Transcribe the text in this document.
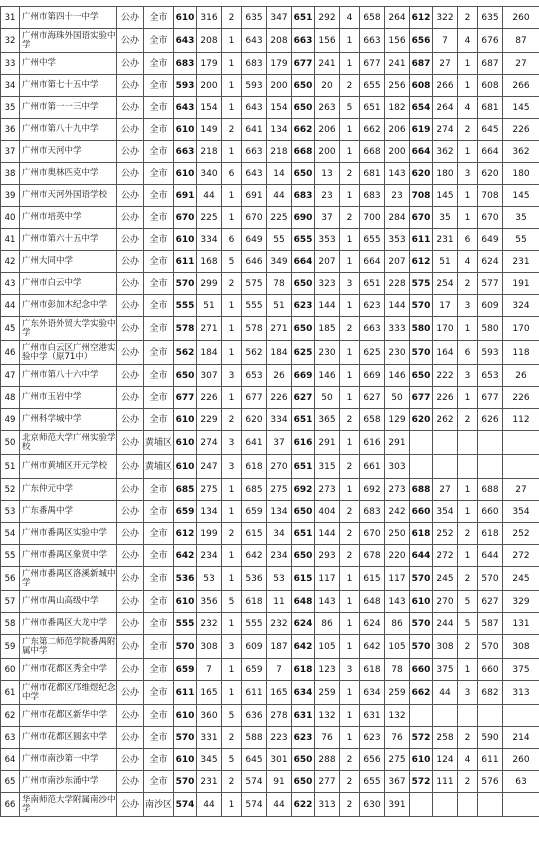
31	广州市第四十一中学	公办	全市	610	316	2	635	347	651	292	4	658	264	612	322	2	635	260
32	广州市海珠外国语实验中学	公办	全市	643	208	1	643	208	663	156	1	663	156	656	7	4	676	87
33	广州中学	公办	全市	683	179	1	683	179	677	241	1	677	241	687	27	1	687	27
34	广州市第七十五中学	公办	全市	593	200	1	593	200	650	20	2	655	256	608	266	1	608	266
35	广州市第一一三中学	公办	全市	643	154	1	643	154	650	263	5	651	182	654	264	4	681	145
36	广州市第八十九中学	公办	全市	610	149	2	641	134	662	206	1	662	206	619	274	2	645	226
37	广州市天河中学	公办	全市	663	218	1	663	218	668	200	1	668	200	664	362	1	664	362
38	广州市奥林匹克中学	公办	全市	610	340	6	643	14	650	13	2	681	143	620	180	3	620	180
39	广州市天河外国语学校	公办	全市	691	44	1	691	44	683	23	1	683	23	708	145	1	708	145
40	广州市培英中学	公办	全市	670	225	1	670	225	690	37	2	700	284	670	35	1	670	35
41	广州市第六十五中学	公办	全市	610	334	6	649	55	655	353	1	655	353	611	231	6	649	55
42	广州大同中学	公办	全市	611	168	5	646	349	664	207	1	664	207	612	51	4	624	231
43	广州市白云中学	公办	全市	570	299	2	575	78	650	323	3	651	228	575	254	2	577	191
44	广州市彭加木纪念中学	公办	全市	555	51	1	555	51	623	144	1	623	144	570	17	3	609	324
45	广东外语外贸大学实验中学	公办	全市	578	271	1	578	271	650	185	2	663	333	580	170	1	580	170
46	广州市白云区广州空港实验中学（原71中）	公办	全市	562	184	1	562	184	625	230	1	625	230	570	164	6	593	118
47	广州市第八十六中学	公办	全市	650	307	3	653	26	669	146	1	669	146	650	222	3	653	26
48	广州市玉岩中学	公办	全市	677	226	1	677	226	627	50	1	627	50	677	226	1	677	226
49	广州科学城中学	公办	全市	610	229	2	620	334	651	365	2	658	129	620	262	2	626	112
50	北京师范大学广州实验学校	公办	黄埔区	610	274	3	641	37	616	291	1	616	291					
51	广州市黄埔区开元学校	公办	黄埔区	610	247	3	618	270	651	315	2	661	303					
52	广东仲元中学	公办	全市	685	275	1	685	275	692	273	1	692	273	688	27	1	688	27
53	广东番禺中学	公办	全市	659	134	1	659	134	650	404	2	683	242	660	354	1	660	354
54	广州市番禺区实验中学	公办	全市	612	199	2	615	34	651	144	2	670	250	618	252	2	618	252
55	广州市番禺区象贤中学	公办	全市	642	234	1	642	234	650	293	2	678	220	644	272	1	644	272
56	广州市番禺区洛溪新城中学	公办	全市	536	53	1	536	53	615	117	1	615	117	570	245	2	570	245
57	广州市禺山高级中学	公办	全市	610	356	5	618	11	648	143	1	648	143	610	270	5	627	329
58	广州市番禺区大龙中学	公办	全市	555	232	1	555	232	624	86	1	624	86	570	244	5	587	131
59	广东第二师范学院番禺附属中学	公办	全市	570	308	3	609	187	642	105	1	642	105	570	308	2	570	308
60	广州市花都区秀全中学	公办	全市	659	7	1	659	7	618	123	3	618	78	660	375	1	660	375
61	广州市花都区邝维煜纪念中学	公办	全市	611	165	1	611	165	634	259	1	634	259	662	44	3	682	313
62	广州市花都区新华中学	公办	全市	610	360	5	636	278	631	132	1	631	132					
63	广州市花都区圆玄中学	公办	全市	570	331	2	588	223	623	76	1	623	76	572	258	2	590	214
64	广州市南沙第一中学	公办	全市	610	345	5	645	301	650	288	2	656	275	610	124	4	611	260
65	广州市南沙东涌中学	公办	全市	570	231	2	574	91	650	277	2	655	367	572	111	2	576	63
66	华南师范大学附属南沙中学	公办	南沙区	574	44	1	574	44	622	313	2	630	391					
